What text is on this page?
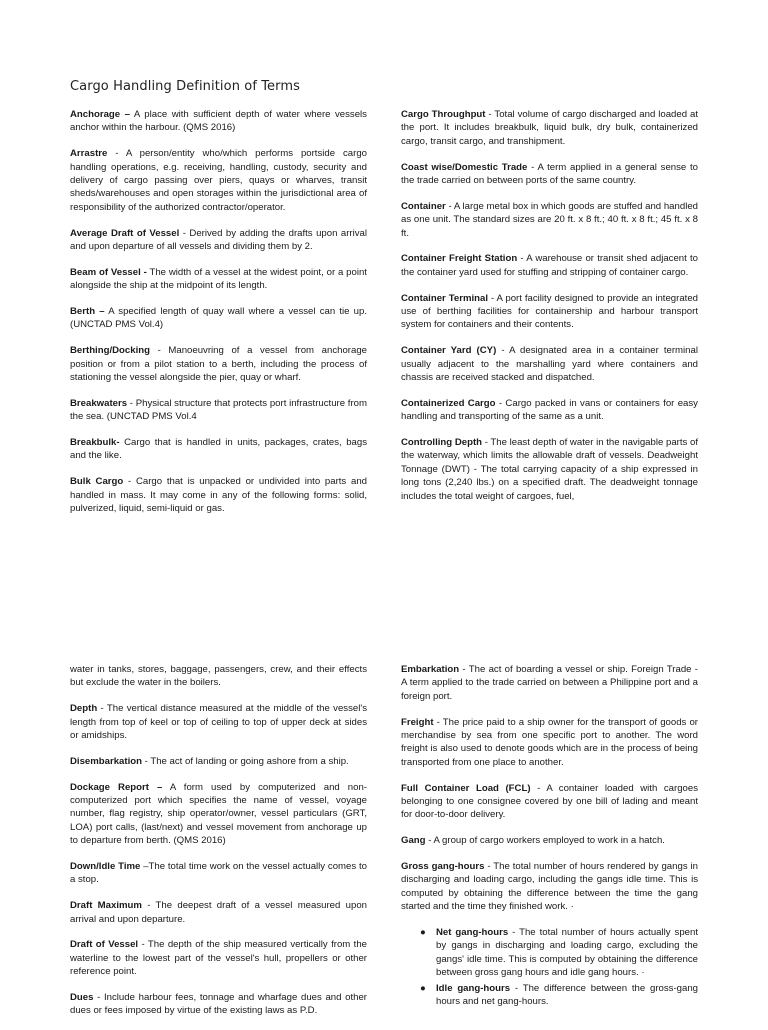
Cargo Handling Definition of Terms

Anchorage – A place with sufficient depth of water where vessels anchor within the harbour. (QMS 2016)

Arrastre - A person/entity who/which performs portside cargo handling operations, e.g. receiving, handling, custody, security and delivery of cargo passing over piers, quays or wharves, transit sheds/warehouses and open storages within the jurisdictional area of responsibility of the authorized contractor/operator.

Average Draft of Vessel - Derived by adding the drafts upon arrival and upon departure of all vessels and dividing them by 2.

Beam of Vessel - The width of a vessel at the widest point, or a point alongside the ship at the midpoint of its length.

Berth – A specified length of quay wall where a vessel can tie up. (UNCTAD PMS Vol.4)

Berthing/Docking - Manoeuvring of a vessel from anchorage position or from a pilot station to a berth, including the process of stationing the vessel alongside the pier, quay or wharf.

Breakwaters - Physical structure that protects port infrastructure from the sea. (UNCTAD PMS Vol.4

Breakbulk- Cargo that is handled in units, packages, crates, bags and the like.

Bulk Cargo - Cargo that is unpacked or undivided into parts and handled in mass. It may come in any of the following forms: solid, pulverized, liquid, semi-liquid or gas.

Cargo Throughput - Total volume of cargo discharged and loaded at the port. It includes breakbulk, liquid bulk, dry bulk, containerized cargo, transit cargo, and transhipment.

Coast wise/Domestic Trade - A term applied in a general sense to the trade carried on between ports of the same country.

Container - A large metal box in which goods are stuffed and handled as one unit. The standard sizes are 20 ft. x 8 ft.; 40 ft. x 8 ft.; 45 ft. x 8 ft.

Container Freight Station - A warehouse or transit shed adjacent to the container yard used for stuffing and stripping of container cargo.

Container Terminal - A port facility designed to provide an integrated use of berthing facilities for containership and harbour transport system for containers and their contents.

Container Yard (CY) - A designated area in a container terminal usually adjacent to the marshalling yard where containers and chassis are received stacked and dispatched.

Containerized Cargo - Cargo packed in vans or containers for easy handling and transporting of the same as a unit.

Controlling Depth - The least depth of water in the navigable parts of the waterway, which limits the allowable draft of vessels. Deadweight Tonnage (DWT) - The total carrying capacity of a ship expressed in long tons (2,240 lbs.) on a specified draft. The deadweight tonnage includes the total weight of cargoes, fuel,

water in tanks, stores, baggage, passengers, crew, and their effects but exclude the water in the boilers.

Depth - The vertical distance measured at the middle of the vessel's length from top of keel or top of ceiling to top of upper deck at sides or amidships.

Disembarkation - The act of landing or going ashore from a ship.

Dockage Report – A form used by computerized and non-computerized port which specifies the name of vessel, voyage number, flag registry, ship operator/owner, vessel particulars (GRT, LOA) port calls, (last/next) and vessel movement from anchorage up to departure from berth. (QMS 2016)

Down/Idle Time –The total time work on the vessel actually comes to a stop.

Draft Maximum - The deepest draft of a vessel measured upon arrival and upon departure.

Draft of Vessel - The depth of the ship measured vertically from the waterline to the lowest part of the vessel's hull, propellers or other reference point.

Dues - Include harbour fees, tonnage and wharfage dues and other dues or fees imposed by virtue of the existing laws as P.D.

Embarkation - The act of boarding a vessel or ship. Foreign Trade - A term applied to the trade carried on between a Philippine port and a foreign port.

Freight - The price paid to a ship owner for the transport of goods or merchandise by sea from one specific port to another. The word freight is also used to denote goods which are in the process of being transported from one place to another.

Full Container Load (FCL) - A container loaded with cargoes belonging to one consignee covered by one bill of lading and meant for door-to-door delivery.

Gang - A group of cargo workers employed to work in a hatch.

Gross gang-hours - The total number of hours rendered by gangs in discharging and loading cargo, including the gangs idle time. This is computed by obtaining the difference between the time the gang started and the time they finished work. ·

● Net gang-hours - The total number of hours actually spent by gangs in discharging and loading cargo, excluding the gangs' idle time. This is computed by obtaining the difference between gross gang hours and idle gang hours. ·
● Idle gang-hours - The difference between the gross-gang hours and net gang-hours.
